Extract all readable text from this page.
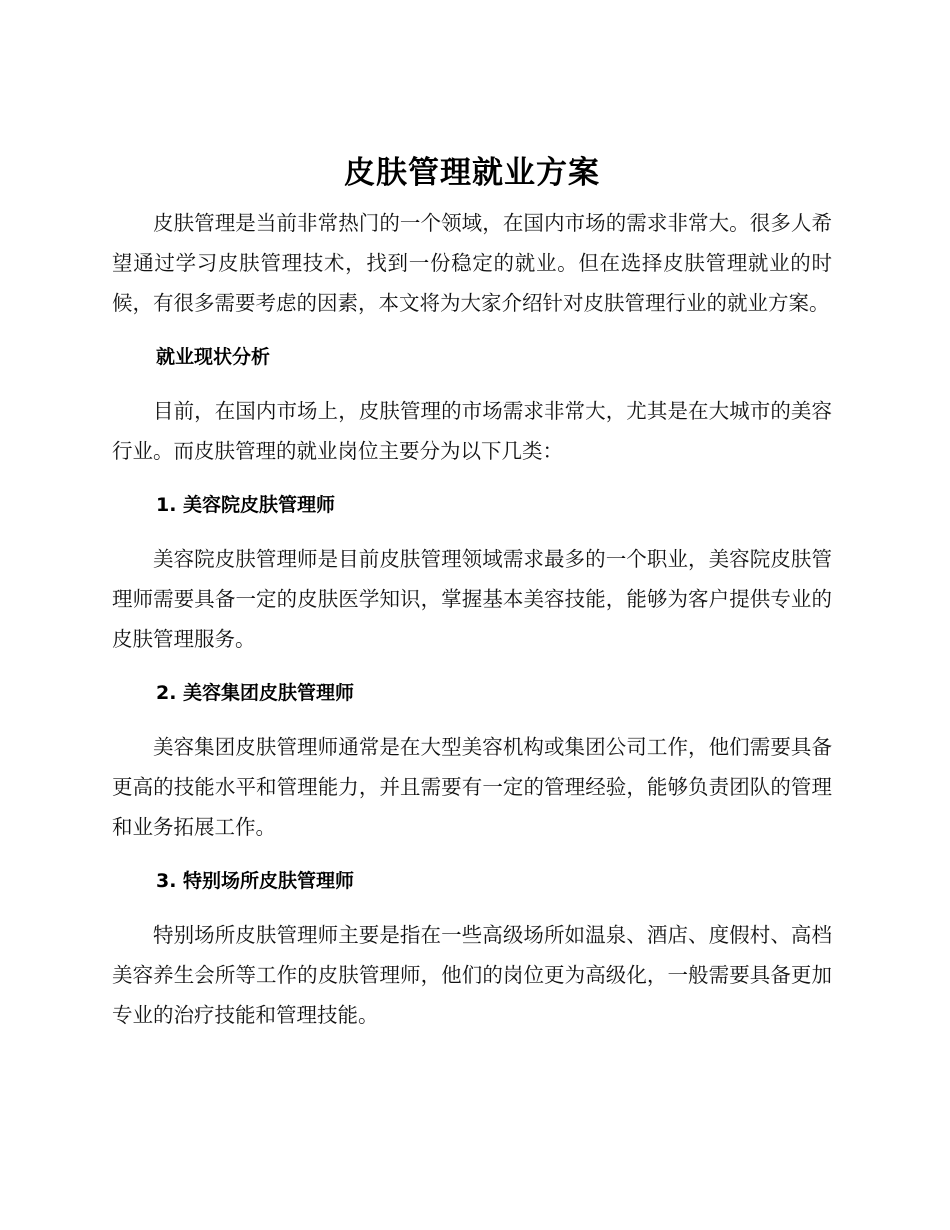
皮肤管理就业方案

皮肤管理是当前非常热门的一个领域，在国内市场的需求非常大。很多人希望通过学习皮肤管理技术，找到一份稳定的就业。但在选择皮肤管理就业的时候，有很多需要考虑的因素，本文将为大家介绍针对皮肤管理行业的就业方案。

就业现状分析

目前，在国内市场上，皮肤管理的市场需求非常大，尤其是在大城市的美容行业。而皮肤管理的就业岗位主要分为以下几类：

1. 美容院皮肤管理师

美容院皮肤管理师是目前皮肤管理领域需求最多的一个职业，美容院皮肤管理师需要具备一定的皮肤医学知识，掌握基本美容技能，能够为客户提供专业的皮肤管理服务。

2. 美容集团皮肤管理师

美容集团皮肤管理师通常是在大型美容机构或集团公司工作，他们需要具备更高的技能水平和管理能力，并且需要有一定的管理经验，能够负责团队的管理和业务拓展工作。

3. 特别场所皮肤管理师

特别场所皮肤管理师主要是指在一些高级场所如温泉、酒店、度假村、高档美容养生会所等工作的皮肤管理师，他们的岗位更为高级化，一般需要具备更加专业的治疗技能和管理技能。
